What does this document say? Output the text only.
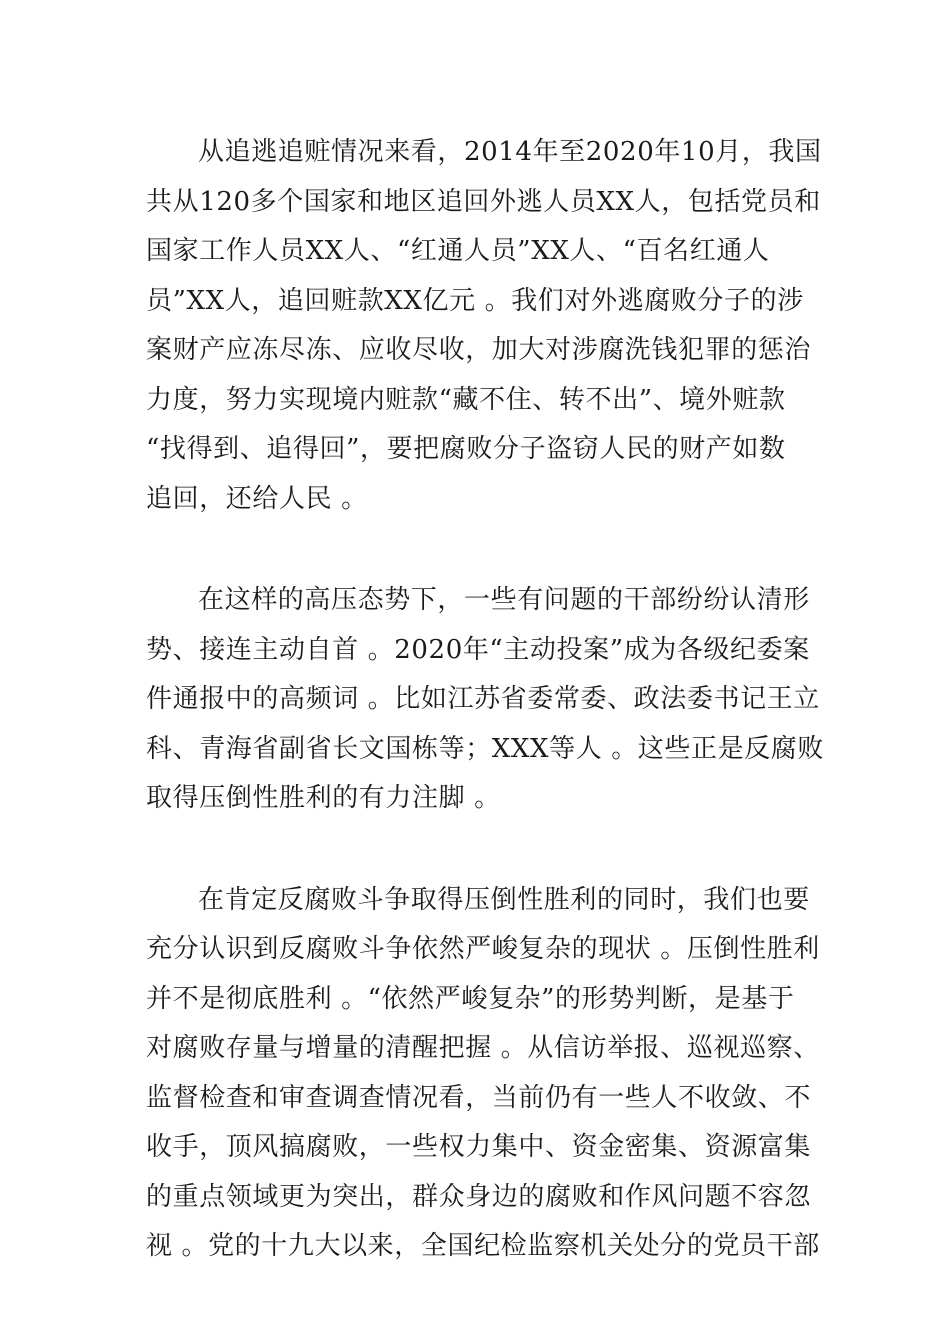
从追逃追赃情况来看，2014年至2020年10月，我国
共从120多个国家和地区追回外逃人员XX人，包括党员和
国家工作人员XX人、“红通人员”XX人、“百名红通人
员”XX人，追回赃款XX亿元 。我们对外逃腐败分子的涉
案财产应冻尽冻、应收尽收，加大对涉腐洗钱犯罪的惩治
力度，努力实现境内赃款“藏不住、转不出”、境外赃款
“找得到、追得回”，要把腐败分子盗窃人民的财产如数
追回，还给人民 。

在这样的高压态势下，一些有问题的干部纷纷认清形
势、接连主动自首 。2020年“主动投案”成为各级纪委案
件通报中的高频词 。比如江苏省委常委、政法委书记王立
科、青海省副省长文国栋等；XXX等人 。这些正是反腐败
取得压倒性胜利的有力注脚 。

在肯定反腐败斗争取得压倒性胜利的同时，我们也要
充分认识到反腐败斗争依然严峻复杂的现状 。压倒性胜利
并不是彻底胜利 。“依然严峻复杂”的形势判断，是基于
对腐败存量与增量的清醒把握 。从信访举报、巡视巡察、
监督检查和审查调查情况看，当前仍有一些人不收敛、不
收手，顶风搞腐败，一些权力集中、资金密集、资源富集
的重点领域更为突出，群众身边的腐败和作风问题不容忽
视 。党的十九大以来，全国纪检监察机关处分的党员干部
